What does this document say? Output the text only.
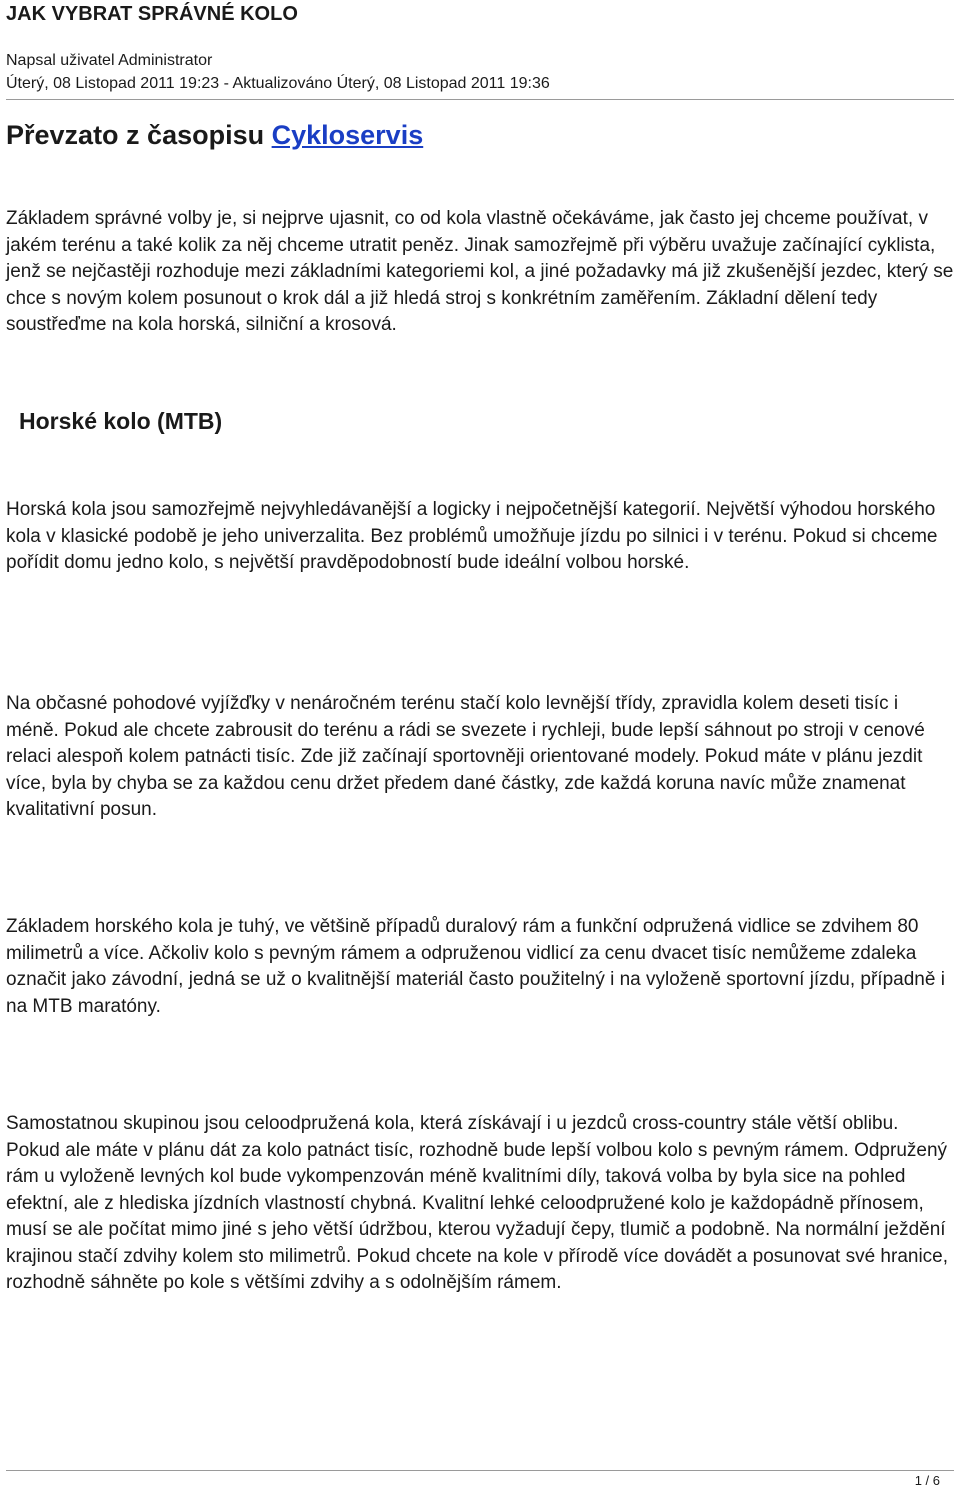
JAK VYBRAT SPRÁVNÉ KOLO
Napsal uživatel Administrator
Úterý, 08 Listopad 2011 19:23 - Aktualizováno Úterý, 08 Listopad 2011 19:36
Převzato z časopisu Cykloservis

Základem správné volby je, si nejprve ujasnit, co od kola vlastně očekáváme, jak často jej chceme používat, v jakém terénu a také kolik za něj chceme utratit peněz. Jinak samozřejmě při výběru uvažuje začínající cyklista, jenž se nejčastěji rozhoduje mezi základními kategoriemi kol, a jiné požadavky má již zkušenější jezdec, který se chce s novým kolem posunout o krok dál a již hledá stroj s konkrétním zaměřením. Základní dělení tedy soustřeďme na kola horská, silniční a krosová.

Horské kolo (MTB)

Horská kola jsou samozřejmě nejvyhledávanější a logicky i nejpočetnější kategorií. Největší výhodou horského kola v klasické podobě je jeho univerzalita. Bez problémů umožňuje jízdu po silnici i v terénu. Pokud si chceme pořídit domu jedno kolo, s největší pravděpodobností bude ideální volbou horské.

Na občasné pohodové vyjížďky v nenáročném terénu stačí kolo levnější třídy, zpravidla kolem deseti tisíc i méně. Pokud ale chcete zabrousit do terénu a rádi se svezete i rychleji, bude lepší sáhnout po stroji v cenové relaci alespoň kolem patnácti tisíc. Zde již začínají sportovněji orientované modely. Pokud máte v plánu jezdit více, byla by chyba se za každou cenu držet předem dané částky, zde každá koruna navíc může znamenat kvalitativní posun.

Základem horského kola je tuhý, ve většině případů duralový rám a funkční odpružená vidlice se zdvihem 80 milimetrů a více. Ačkoliv kolo s pevným rámem a odpruženou vidlicí za cenu dvacet tisíc nemůžeme zdaleka označit jako závodní, jedná se už o kvalitnější materiál často použitelný i na vyloženě sportovní jízdu, případně i na MTB maratóny.

Samostatnou skupinou jsou celoodpružená kola, která získávají i u jezdců cross-country stále větší oblibu. Pokud ale máte v plánu dát za kolo patnáct tisíc, rozhodně bude lepší volbou kolo s pevným rámem. Odpružený rám u vyloženě levných kol bude vykompenzován méně kvalitními díly, taková volba by byla sice na pohled efektní, ale z hlediska jízdních vlastností chybná. Kvalitní lehké celoodpružené kolo je každopádně přínosem, musí se ale počítat mimo jiné s jeho větší údržbou, kterou vyžadují čepy, tlumič a podobně. Na normální ježdění krajinou stačí zdvihy kolem sto milimetrů. Pokud chcete na kole v přírodě více dovádět a posunovat své hranice, rozhodně sáhněte po kole s většími zdvihy a s odolnějším rámem.

1 / 6
